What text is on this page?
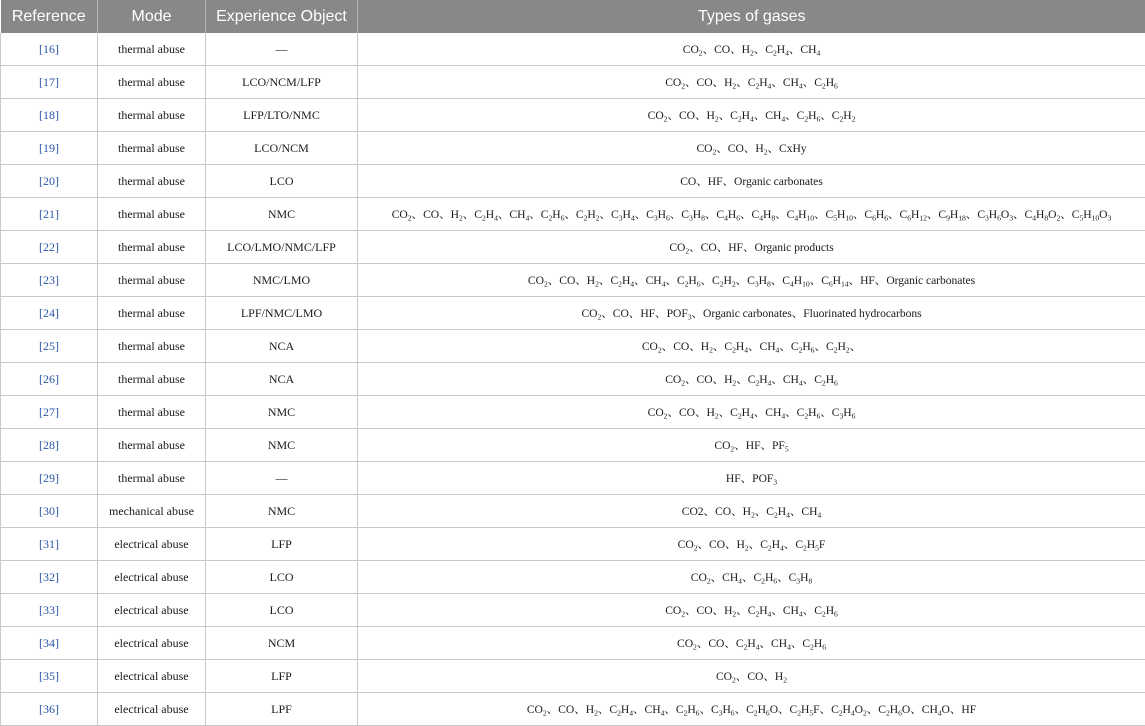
Reference	Mode	Experience Object	Types of gases
[16]	thermal abuse	—	$CO_2$、CO、$H_2$、$C_2H_4$、$CH_4$
[17]	thermal abuse	LCO/NCM/LFP	$CO_2$、CO、$H_2$、$C_2H_4$、$CH_4$、$C_2H_6$
[18]	thermal abuse	LFP/LTO/NMC	$CO_2$、CO、$H_2$、$C_2H_4$、$CH_4$、$C_2H_6$、$C_2H_2$
[19]	thermal abuse	LCO/NCM	$CO_2$、CO、$H_2$、CxHy
[20]	thermal abuse	LCO	CO、HF、Organic carbonates
[21]	thermal abuse	NMC	$CO_2$、CO、$H_2$、$C_2H_4$、$CH_4$、$C_2H_6$、$C_2H_2$、$C_3H_4$、$C_3H_6$、$C_3H_8$、$C_4H_6$、$C_4H_8$、$C_4H_{10}$、$C_5H_{10}$、$C_6H_6$、$C_6H_{12}$、$C_9H_{18}$、$C_3H_6O_3$、$C_4H_8O_2$、$C_5H_{10}O_3$
[22]	thermal abuse	LCO/LMO/NMC/LFP	$CO_2$、CO、HF、Organic products
[23]	thermal abuse	NMC/LMO	$CO_2$、CO、$H_2$、$C_2H_4$、$CH_4$、$C_2H_6$、$C_2H_2$、$C_3H_8$、$C_4H_{10}$、$C_6H_{14}$、HF、Organic carbonates
[24]	thermal abuse	LPF/NMC/LMO	$CO_2$、CO、HF、$POF_3$、Organic carbonates、Fluorinated hydrocarbons
[25]	thermal abuse	NCA	$CO_2$、CO、$H_2$、$C_2H_4$、$CH_4$、$C_2H_6$、$C_2H_2$、
[26]	thermal abuse	NCA	$CO_2$、CO、$H_2$、$C_2H_4$、$CH_4$、$C_2H_6$
[27]	thermal abuse	NMC	$CO_2$、CO、$H_2$、$C_2H_4$、$CH_4$、$C_2H_6$、$C_3H_6$
[28]	thermal abuse	NMC	$CO_2$、HF、$PF_5$
[29]	thermal abuse	—	HF、$POF_3$
[30]	mechanical abuse	NMC	CO2、CO、$H_2$、$C_2H_4$、$CH_4$
[31]	electrical abuse	LFP	$CO_2$、CO、$H_2$、$C_2H_4$、$C_2H_5F$
[32]	electrical abuse	LCO	$CO_2$、$CH_4$、$C_2H_6$、$C_3H_8$
[33]	electrical abuse	LCO	$CO_2$、CO、$H_2$、$C_2H_4$、$CH_4$、$C_2H_6$
[34]	electrical abuse	NCM	$CO_2$、CO、$C_2H_4$、$CH_4$、$C_2H_6$
[35]	electrical abuse	LFP	$CO_2$、CO、$H_2$
[36]	electrical abuse	LPF	$CO_2$、CO、$H_2$、$C_2H_4$、$CH_4$、$C_2H_6$、$C_3H_6$、$C_2H_6O$、$C_2H_5F$、$C_2H_4O_2$、$C_2H_6O$、$CH_4O$、HF
